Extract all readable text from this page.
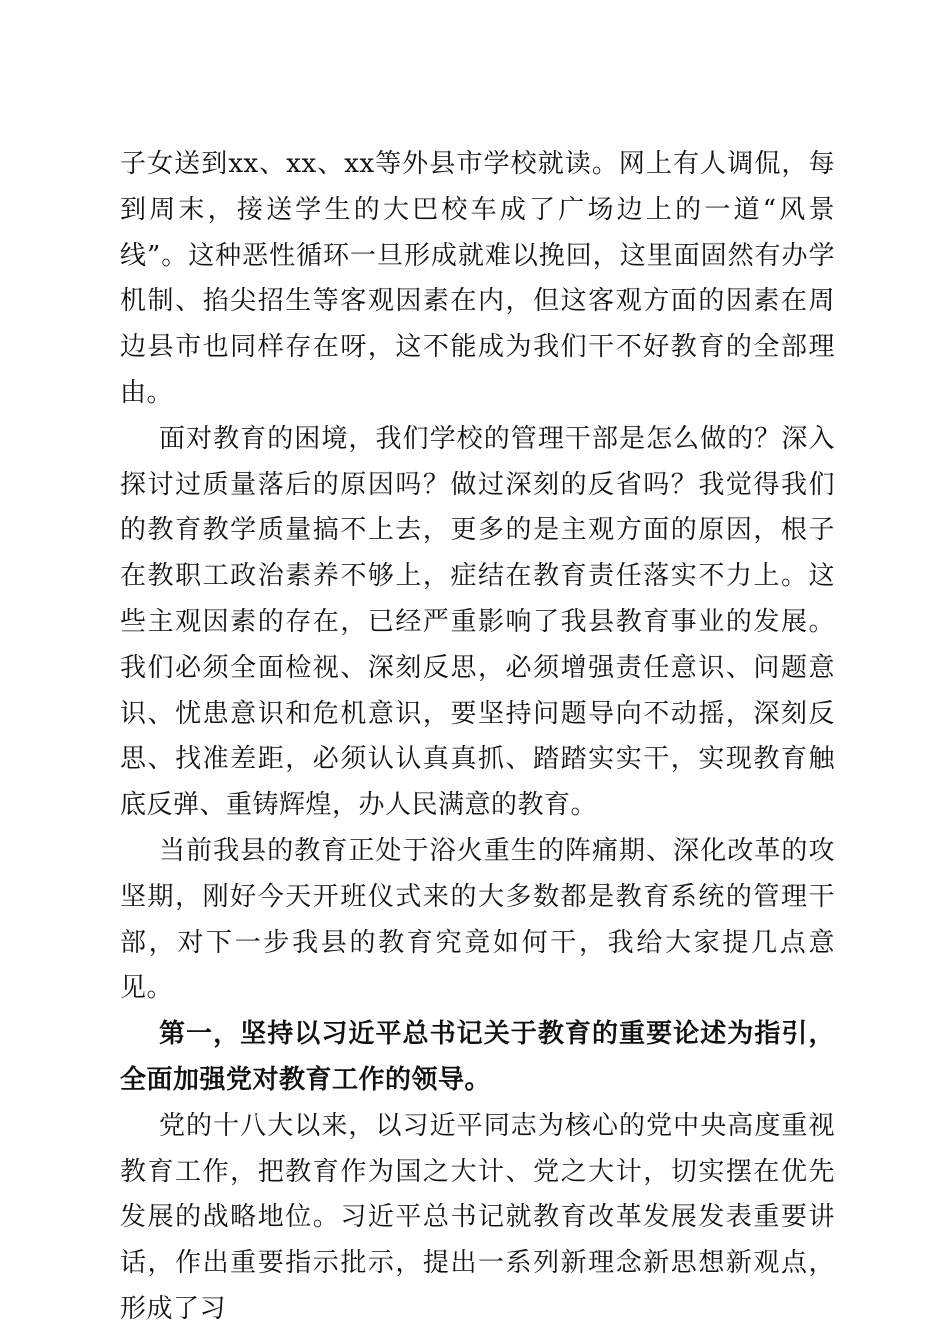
子女送到xx、xx、xx等外县市学校就读。网上有人调侃，每到周末，接送学生的大巴校车成了广场边上的一道“风景线”。这种恶性循环一旦形成就难以挽回，这里面固然有办学机制、掐尖招生等客观因素在内，但这客观方面的因素在周边县市也同样存在呀，这不能成为我们干不好教育的全部理由。

面对教育的困境，我们学校的管理干部是怎么做的？深入探讨过质量落后的原因吗？做过深刻的反省吗？我觉得我们的教育教学质量搞不上去，更多的是主观方面的原因，根子在教职工政治素养不够上，症结在教育责任落实不力上。这些主观因素的存在，已经严重影响了我县教育事业的发展。我们必须全面检视、深刻反思，必须增强责任意识、问题意识、忧患意识和危机意识，要坚持问题导向不动摇，深刻反思、找准差距，必须认认真真抓、踏踏实实干，实现教育触底反弹、重铸辉煌，办人民满意的教育。

当前我县的教育正处于浴火重生的阵痛期、深化改革的攻坚期，刚好今天开班仪式来的大多数都是教育系统的管理干部，对下一步我县的教育究竟如何干，我给大家提几点意见。

第一，坚持以习近平总书记关于教育的重要论述为指引，全面加强党对教育工作的领导。

党的十八大以来，以习近平同志为核心的党中央高度重视教育工作，把教育作为国之大计、党之大计，切实摆在优先发展的战略地位。习近平总书记就教育改革发展发表重要讲话，作出重要指示批示，提出一系列新理念新思想新观点，形成了习
